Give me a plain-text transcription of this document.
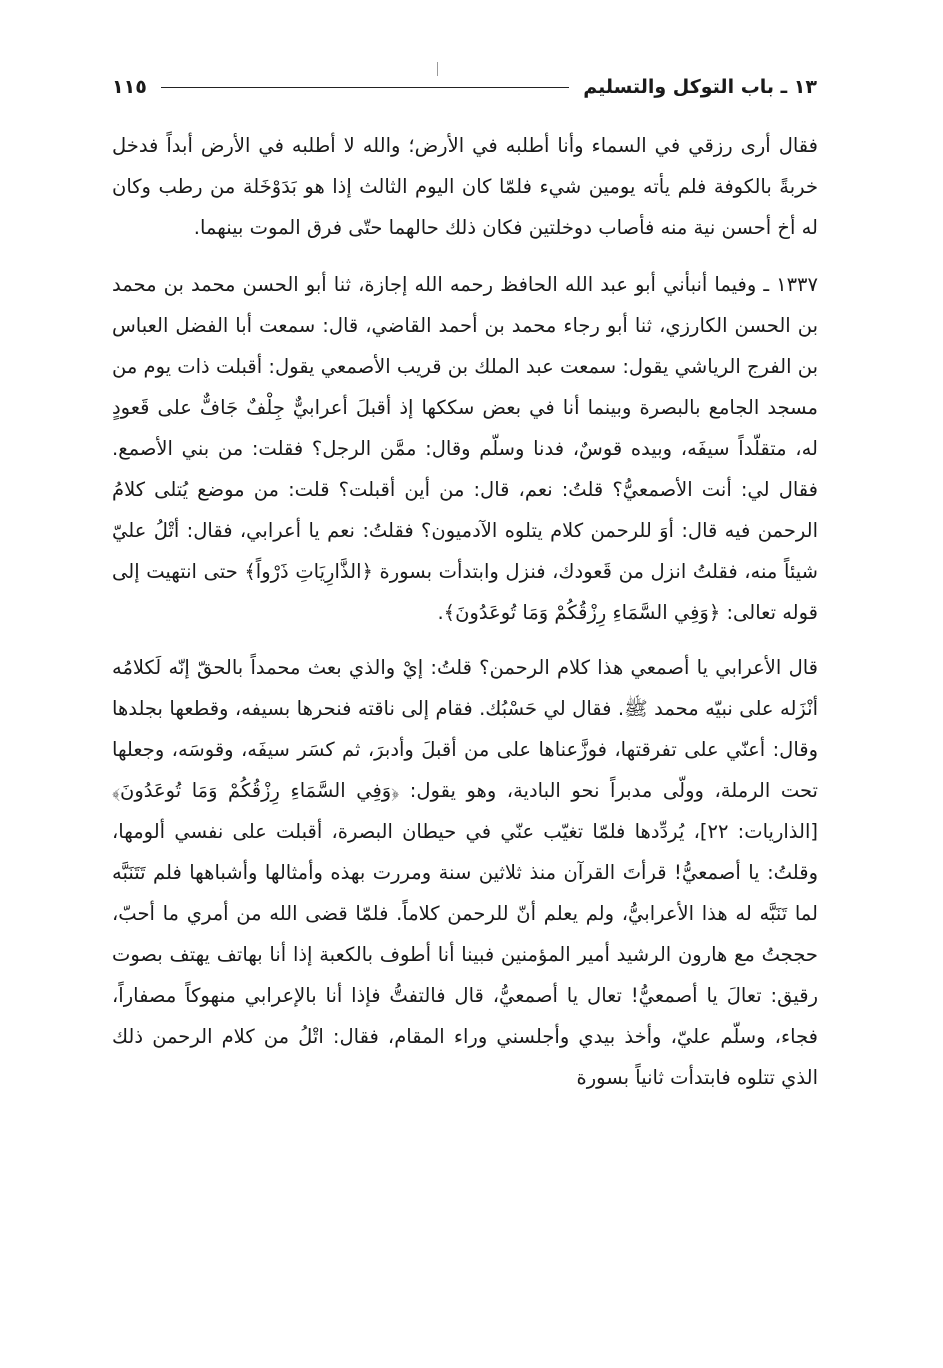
١٣ ـ باب التوكل والتسليم
١١٥

فقال أرى رزقي في السماء وأنا أطلبه في الأرض؛ والله لا أطلبه في الأرض أبداً فدخل خربةً بالكوفة فلم يأته يومين شيء فلمّا كان اليوم الثالث إذا هو بَدَوْخَلة من رطب وكان له أخ أحسن نية منه فأصاب دوخلتين فكان ذلك حالهما حتّى فرق الموت بينهما.

١٣٣٧ ـ وفيما أنبأني أبو عبد الله الحافظ رحمه الله إجازة، ثنا أبو الحسن محمد بن محمد بن الحسن الكارزي، ثنا أبو رجاء محمد بن أحمد القاضي، قال: سمعت أبا الفضل العباس بن الفرج الرياشي يقول: سمعت عبد الملك بن قريب الأصمعي يقول: أقبلت ذات يوم من مسجد الجامع بالبصرة وبينما أنا في بعض سككها إذ أقبلَ أعرابيٌّ جِلْفٌ جَافٌّ على قَعودٍ له، متقلّداً سيفَه، وبيده قوسٌ، فدنا وسلّم وقال: ممَّن الرجل؟ فقلت: من بني الأصمع. فقال لي: أنت الأصمعيُّ؟ قلتُ: نعم، قال: من أين أقبلت؟ قلت: من موضع يُتلى كلامُ الرحمن فيه قال: أوَ للرحمن كلام يتلوه الآدميون؟ فقلتُ: نعم يا أعرابي، فقال: أتْلُ عليّ شيئاً منه، فقلتُ انزل من قَعودك، فنزل وابتدأت بسورة ﴿الذَّارِيَاتِ ذَرْواً﴾ حتى انتهيت إلى قوله تعالى: ﴿وَفِي السَّمَاءِ رِزْقُكُمْ وَمَا تُوعَدُونَ﴾.

قال الأعرابي يا أصمعي هذا كلام الرحمن؟ قلتُ: إيْ والذي بعث محمداً بالحقّ إنّه لَكلامُه أنْزَله على نبيّه محمد ﷺ. فقال لي حَسْبُك. فقام إلى ناقته فنحرها بسيفه، وقطعها بجلدها وقال: أعنّي على تفرقتها، فوزَّعناها على من أقبلَ وأدبرَ، ثم كسَر سيفَه، وقوسَه، وجعلها تحت الرملة، وولّى مدبراً نحو البادية، وهو يقول: ﴿وَفِي السَّمَاءِ رِزْقُكُمْ وَمَا تُوعَدُونَ﴾ [الذاريات: ٢٢]، يُردِّدها فلمّا تغيّب عنّي في حيطان البصرة، أقبلت على نفسي ألومها، وقلتُ: يا أصمعيُّ! قرأتَ القرآن منذ ثلاثين سنة ومررت بهذه وأمثالها وأشباهها فلم تَتَنَبَّه لما تَنَبَّه له هذا الأعرابيُّ، ولم يعلم أنّ للرحمن كلاماً. فلمّا قضى الله من أمري ما أحبّ، حججتُ مع هارون الرشيد أمير المؤمنين فبينا أنا أطوف بالكعبة إذا أنا بهاتف يهتف بصوت رقيق: تعالَ يا أصمعيُّ! تعال يا أصمعيُّ، قال فالتفتُّ فإذا أنا بالإعرابي منهوكاً مصفاراً، فجاء، وسلّم عليّ، وأخذ بيدي وأجلسني وراء المقام، فقال: اتْلُ من كلام الرحمن ذلك الذي تتلوه فابتدأت ثانياً بسورة
